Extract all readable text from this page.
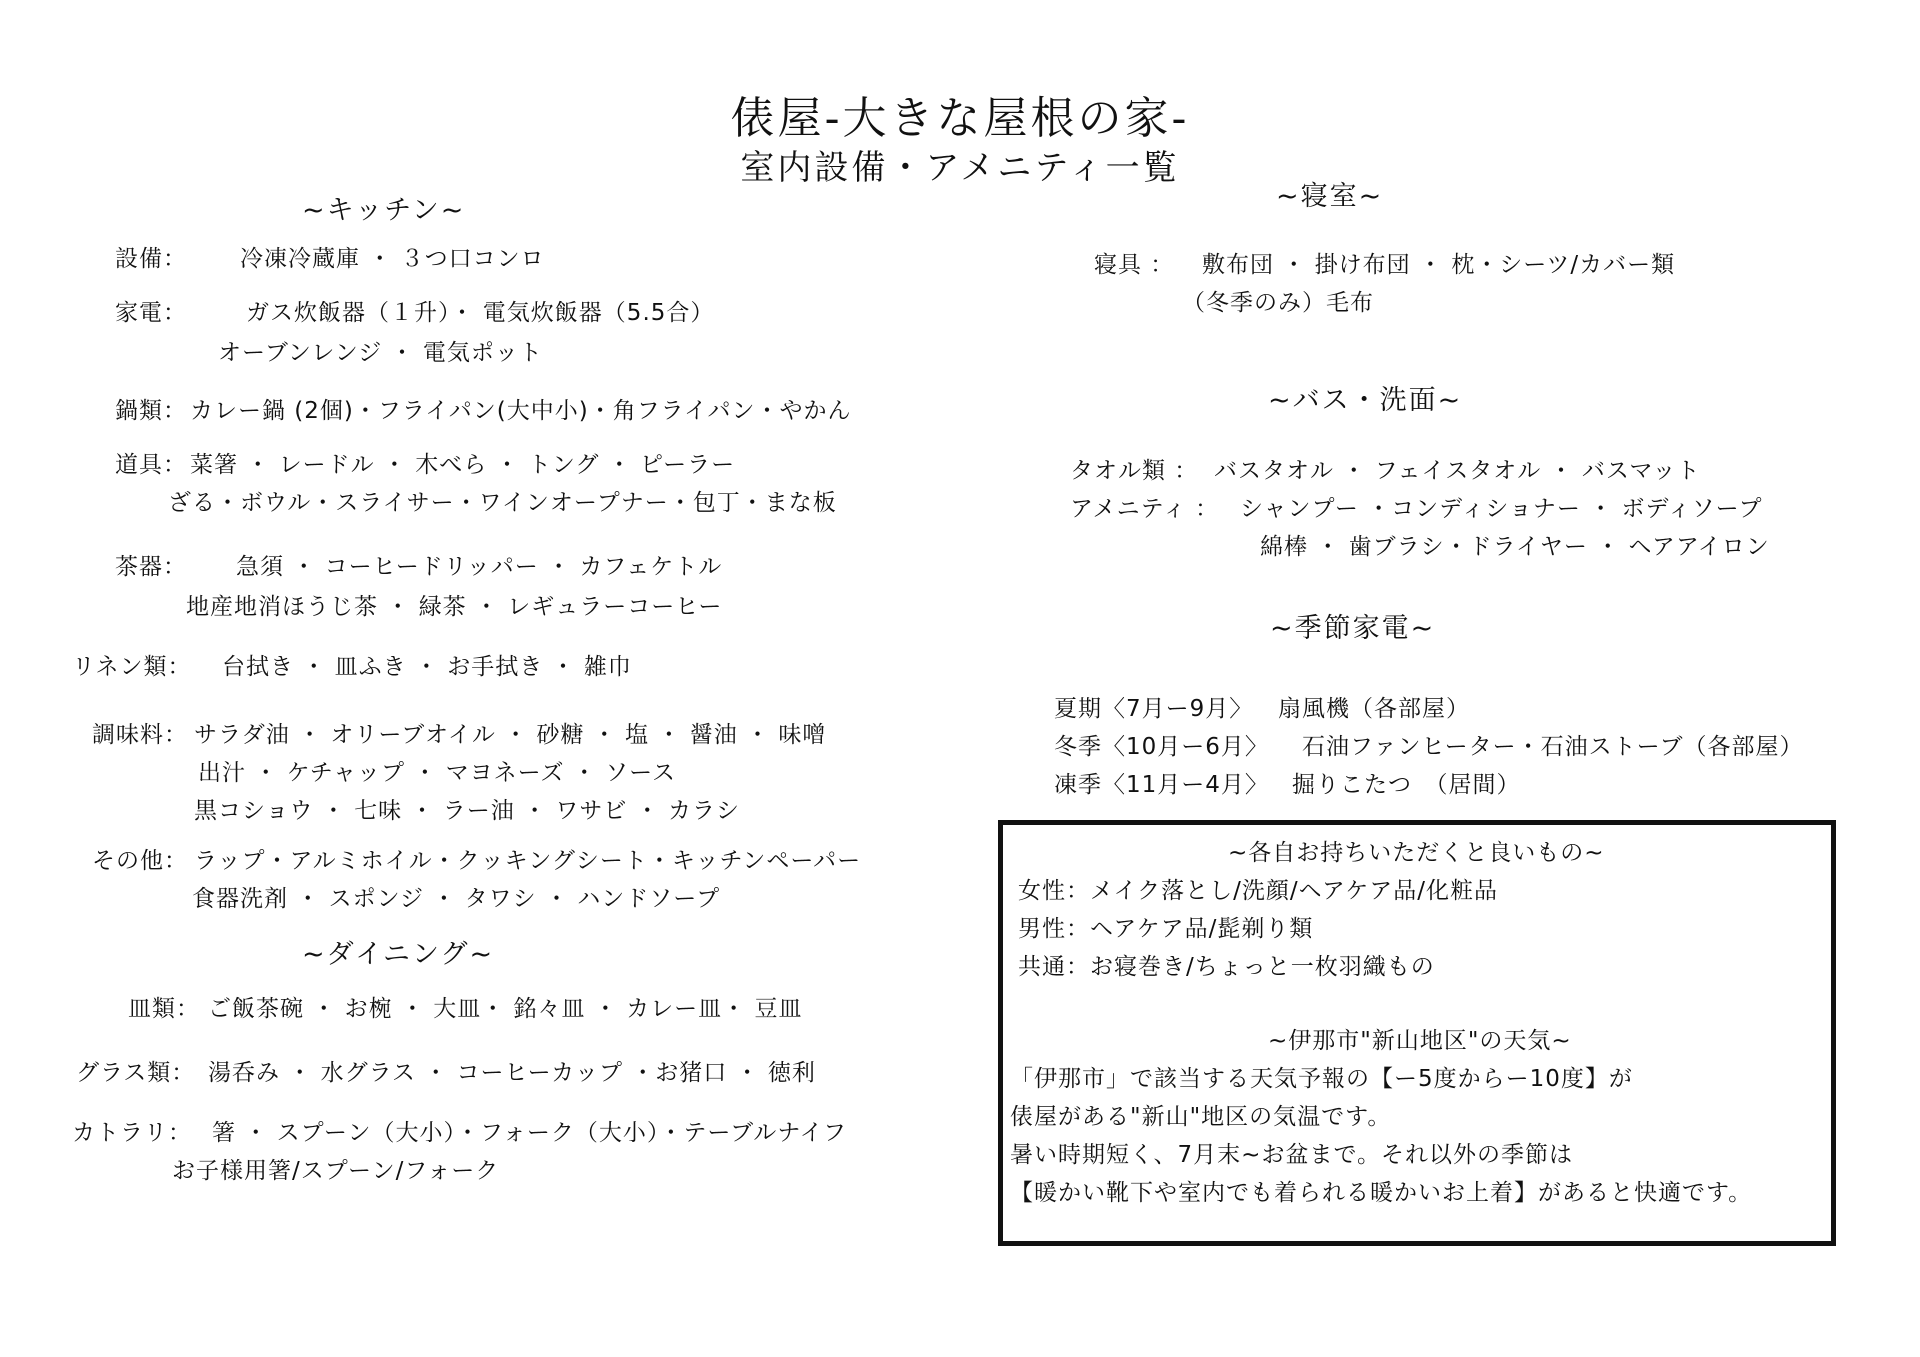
俵屋-大きな屋根の家-
室内設備・アメニティ一覧
~キッチン~
設備： 冷凍冷蔵庫 ・ ３つ口コンロ
家電：	ガス炊飯器（１升）・ 電気炊飯器（5.5合）
オーブンレンジ ・ 電気ポット
鍋類： カレー鍋 (2個)・フライパン(大中小)・角フライパン・やかん
道具： 菜箸 ・ レードル ・ 木べら ・ トング ・ ピーラー
ざる・ボウル・スライサー・ワインオープナー・包丁・まな板
茶器： 急須 ・ コーヒードリッパー ・ カフェケトル
地産地消ほうじ茶 ・ 緑茶 ・ レギュラーコーヒー
リネン類： 台拭き ・ 皿ふき ・ お手拭き ・ 雑巾
調味料： サラダ油 ・ オリーブオイル ・ 砂糖 ・ 塩 ・ 醤油 ・ 味噌
出汁 ・ ケチャップ ・ マヨネーズ ・ ソース
黒コショウ ・ 七味 ・ ラー油 ・ ワサビ ・ カラシ
その他： ラップ・アルミホイル・クッキングシート・キッチンペーパー
食器洗剤 ・ スポンジ ・ タワシ ・ ハンドソープ
~ダイニング~
皿類： ご飯茶碗 ・ お椀 ・ 大皿・ 銘々皿 ・ カレー皿・ 豆皿
グラス類： 湯呑み ・ 水グラス ・ コーヒーカップ ・お猪口 ・ 徳利
カトラリ： 箸 ・ スプーン（大小）・フォーク（大小）・テーブルナイフ
お子様用箸/スプーン/フォーク
~寝室~
寝具 ： 敷布団 ・ 掛け布団 ・ 枕・シーツ/カバー類
（冬季のみ）毛布
~バス・洗面~
タオル類 ： バスタオル ・ フェイスタオル ・ バスマット
アメニティ ： シャンプー ・コンディショナー ・ ボディソープ
綿棒 ・ 歯ブラシ・ドライヤー ・ ヘアアイロン
~季節家電~
夏期〈7月ー9月〉 扇風機（各部屋）
冬季〈10月ー6月〉 石油ファンヒーター・石油ストーブ（各部屋）
凍季〈11月ー4月〉 掘りこたつ　（居間）
~各自お持ちいただくと良いもの~
女性：メイク落とし/洗顔/ヘアケア品/化粧品
男性：ヘアケア品/髭剃り類
共通：お寝巻き/ちょっと一枚羽織もの
~伊那市"新山地区"の天気~
「伊那市」で該当する天気予報の【ー5度からー10度】が
俵屋がある"新山"地区の気温です。
暑い時期短く、7月末~お盆まで。それ以外の季節は
【暖かい靴下や室内でも着られる暖かいお上着】があると快適です。
